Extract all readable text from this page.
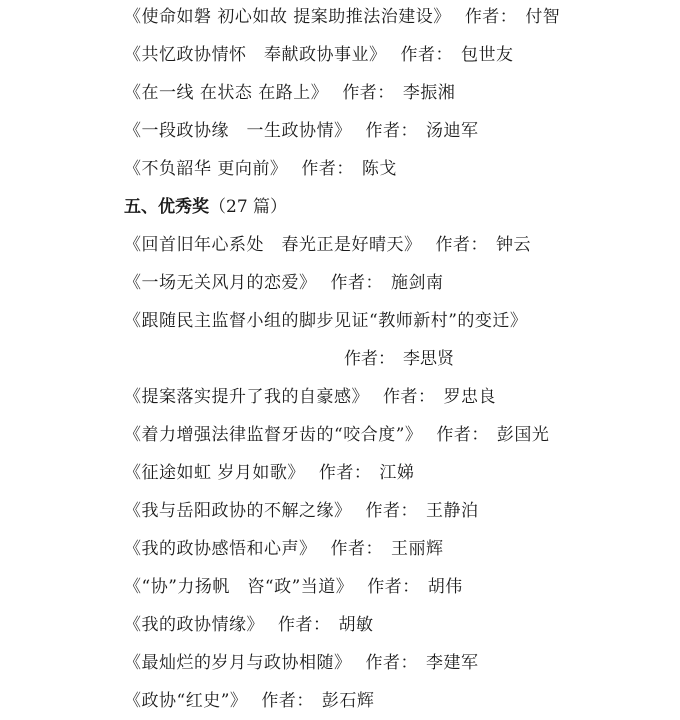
《使命如磐 初心如故 提案助推法治建设》 作者： 付智
《共忆政协情怀　奉献政协事业》 作者： 包世友
《在一线 在状态 在路上》 作者： 李振湘
《一段政协缘　一生政协情》 作者： 汤迪军
《不负韶华 更向前》 作者： 陈戈
五、优秀奖（27 篇）
《回首旧年心系处　春光正是好晴天》 作者： 钟云
《一场无关风月的恋爱》 作者： 施剑南
《跟随民主监督小组的脚步见证“教师新村”的变迁》
作者： 李思贤
《提案落实提升了我的自豪感》 作者： 罗忠良
《着力增强法律监督牙齿的“咬合度”》 作者： 彭国光
《征途如虹 岁月如歌》 作者： 江娣
《我与岳阳政协的不解之缘》 作者： 王静泊
《我的政协感悟和心声》 作者： 王丽辉
《“协”力扬帆　咨“政”当道》 作者： 胡伟
《我的政协情缘》 作者： 胡敏
《最灿烂的岁月与政协相随》 作者： 李建军
《政协“红史”》 作者： 彭石辉
